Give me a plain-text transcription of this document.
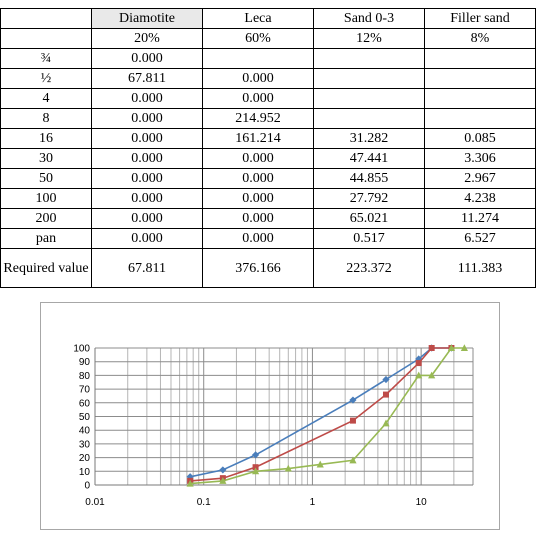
	Diamotite	Leca	Sand 0-3	Filler sand
	20%	60%	12%	8%
¾	0.000			
½	67.811	0.000		
4	0.000	0.000		
8	0.000	214.952		
16	0.000	161.214	31.282	0.085
30	0.000	0.000	47.441	3.306
50	0.000	0.000	44.855	2.967
100	0.000	0.000	27.792	4.238
200	0.000	0.000	65.021	11.274
pan	0.000	0.000	0.517	6.527
Required value	67.811	376.166	223.372	111.383
0
10
20
30
40
50
60
70
80
90
100
0.01	0.1	1	10
